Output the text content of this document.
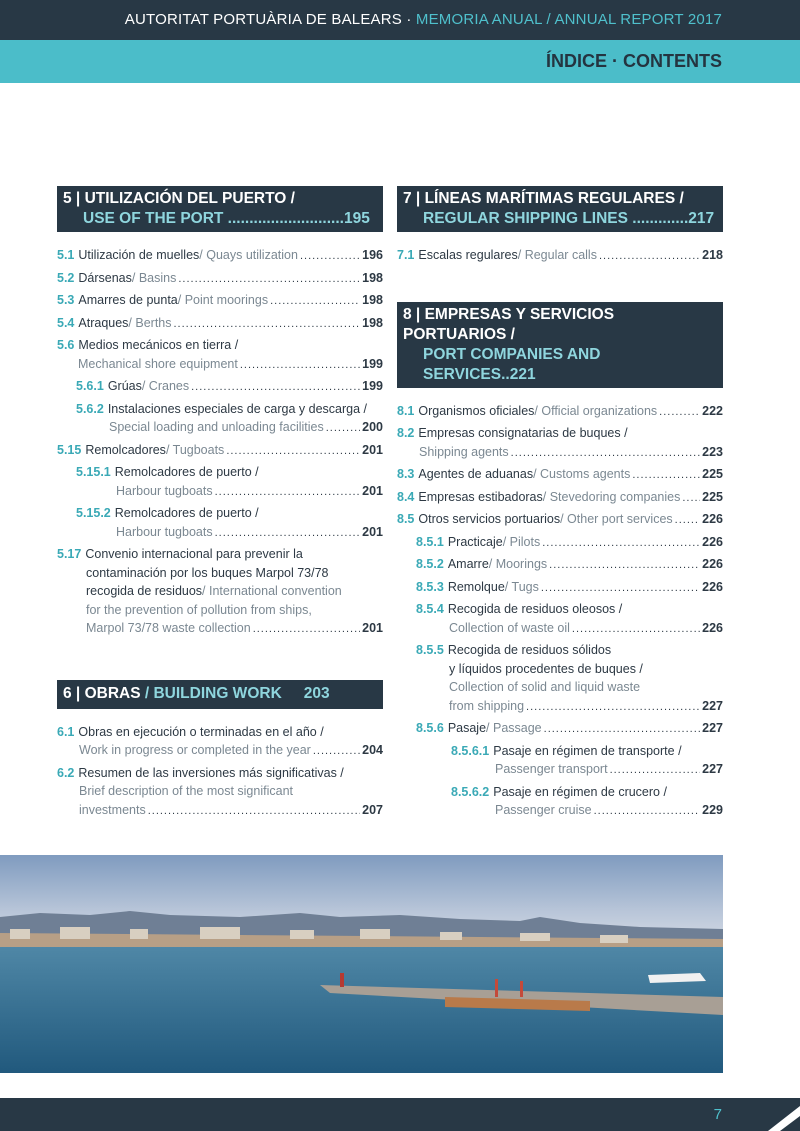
AUTORITAT PORTUÀRIA DE BALEARS · MEMORIA ANUAL / ANNUAL REPORT 2017
ÍNDICE · CONTENTS
5 | UTILIZACIÓN DEL PUERTO /
USE OF THE PORT ...........................195
5.1 Utilización de muelles / Quays utilization .....	196
5.2 Dársenas / Basins .....	198
5.3 Amarres de punta / Point moorings .....	198
5.4 Atraques / Berths .....	198
5.6 Medios mecánicos en tierra /
Mechanical shore equipment .....	199
5.6.1 Grúas / Cranes .....	199
5.6.2 Instalaciones especiales de carga y descarga /
Special loading and unloading facilities .....	200
5.15 Remolcadores / Tugboats .....	201
5.15.1 Remolcadores de puerto /
Harbour tugboats .....	201
5.15.2 Remolcadores de puerto /
Harbour tugboats .....	201
5.17 Convenio internacional para prevenir la
contaminación por los buques Marpol 73/78
recogida de residuos / International convention
for the prevention of pollution from ships,
Marpol 73/78 waste collection .....	201
6 | OBRAS / BUILDING WORK 203
6.1 Obras en ejecución o terminadas en el año /
Work in progress or completed in the year .....	204
6.2 Resumen de las inversiones más significativas /
Brief description of the most significant
investments .....	207
7 | LÍNEAS MARÍTIMAS REGULARES /
REGULAR SHIPPING LINES .............217
7.1 Escalas regulares / Regular calls .....	218
8 | EMPRESAS Y SERVICIOS PORTUARIOS /
PORT COMPANIES AND SERVICES..221
8.1 Organismos oficiales / Official organizations .....	222
8.2 Empresas consignatarias de buques /
Shipping agents .....	223
8.3 Agentes de aduanas / Customs agents .....	225
8.4 Empresas estibadoras / Stevedoring companies ..... 225
8.5 Otros servicios portuarios / Other port services ..... 226
8.5.1 Practicaje / Pilots .....	226
8.5.2 Amarre / Moorings .....	226
8.5.3 Remolque / Tugs .....	226
8.5.4 Recogida de residuos oleosos /
Collection of waste oil .....	226
8.5.5 Recogida de residuos sólidos
y líquidos procedentes de buques /
Collection of solid and liquid waste
from shipping .....	227
8.5.6 Pasaje / Passage .....	227
8.5.6.1 Pasaje en régimen de transporte /
Passenger transport .....	227
8.5.6.2 Pasaje en régimen de crucero /
Passenger cruise .....	229
7
